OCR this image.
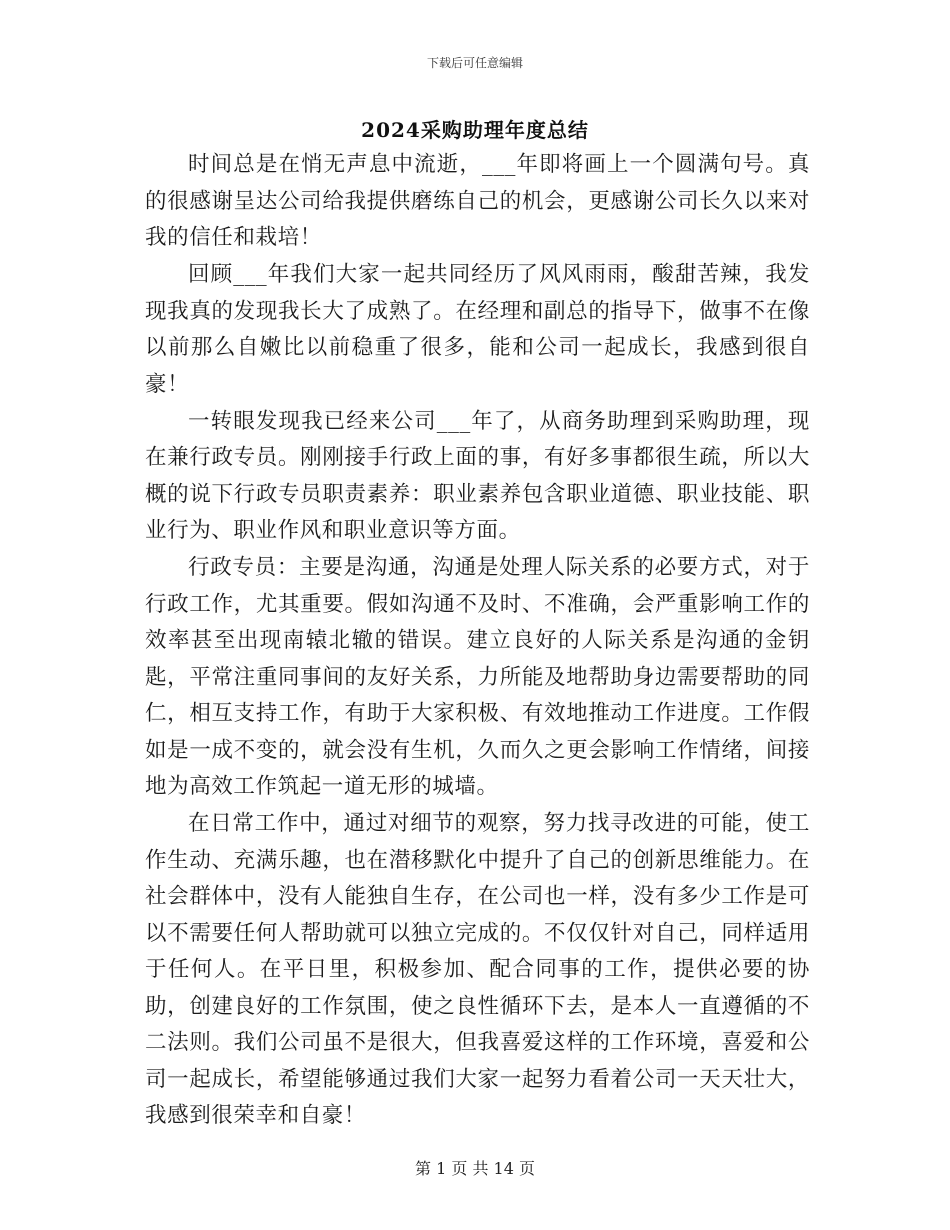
下载后可任意编辑
2024采购助理年度总结

时间总是在悄无声息中流逝，___年即将画上一个圆满句号。真的很感谢呈达公司给我提供磨练自己的机会，更感谢公司长久以来对我的信任和栽培！

回顾___年我们大家一起共同经历了风风雨雨，酸甜苦辣，我发现我真的发现我长大了成熟了。在经理和副总的指导下，做事不在像以前那么自嫩比以前稳重了很多，能和公司一起成长，我感到很自豪！

一转眼发现我已经来公司___年了，从商务助理到采购助理，现在兼行政专员。刚刚接手行政上面的事，有好多事都很生疏，所以大概的说下行政专员职责素养：职业素养包含职业道德、职业技能、职业行为、职业作风和职业意识等方面。

行政专员：主要是沟通，沟通是处理人际关系的必要方式，对于行政工作，尤其重要。假如沟通不及时、不准确，会严重影响工作的效率甚至出现南辕北辙的错误。建立良好的人际关系是沟通的金钥匙，平常注重同事间的友好关系，力所能及地帮助身边需要帮助的同仁，相互支持工作，有助于大家积极、有效地推动工作进度。工作假如是一成不变的，就会没有生机，久而久之更会影响工作情绪，间接地为高效工作筑起一道无形的城墙。

在日常工作中，通过对细节的观察，努力找寻改进的可能，使工作生动、充满乐趣，也在潜移默化中提升了自己的创新思维能力。在社会群体中，没有人能独自生存，在公司也一样，没有多少工作是可以不需要任何人帮助就可以独立完成的。不仅仅针对自己，同样适用于任何人。在平日里，积极参加、配合同事的工作，提供必要的协助，创建良好的工作氛围，使之良性循环下去，是本人一直遵循的不二法则。我们公司虽不是很大，但我喜爱这样的工作环境，喜爱和公司一起成长，希望能够通过我们大家一起努力看着公司一天天壮大，我感到很荣幸和自豪！

第 1 页 共 14 页
